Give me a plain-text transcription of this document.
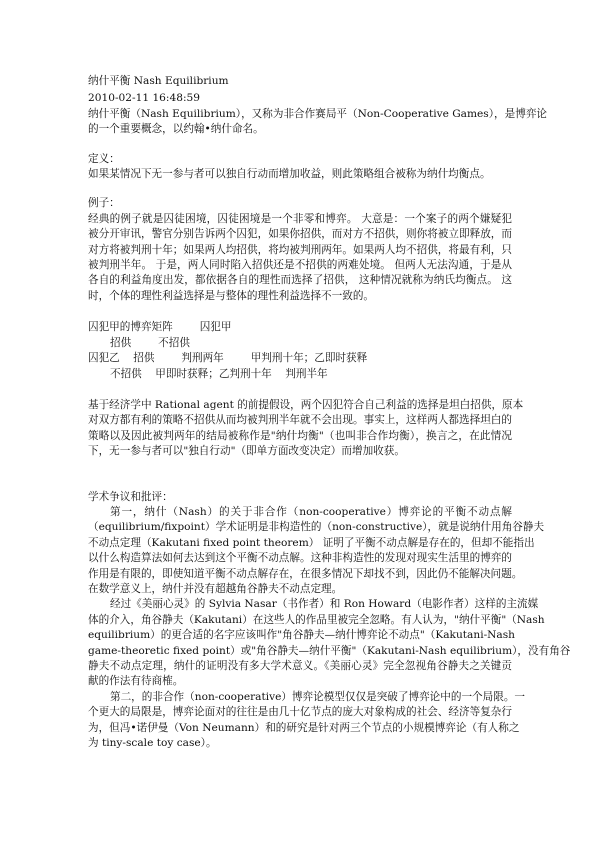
纳什平衡 Nash Equilibrium
2010-02-11 16:48:59
纳什平衡（Nash Equilibrium），又称为非合作赛局平（Non-Cooperative Games），是博弈论
的一个重要概念，以约翰•纳什命名。
定义：
如果某情况下无一参与者可以独自行动而增加收益，则此策略组合被称为纳什均衡点。
例子：
经典的例子就是囚徒困境，囚徒困境是一个非零和博弈。 大意是：一个案子的两个嫌疑犯
被分开审讯，警官分别告诉两个囚犯，如果你招供，而对方不招供，则你将被立即释放，而
对方将被判刑十年；如果两人均招供，将均被判刑两年。如果两人均不招供，将最有利，只
被判刑半年。 于是，两人同时陷入招供还是不招供的两难处境。 但两人无法沟通，于是从
各自的利益角度出发，都依据各自的理性而选择了招供， 这种情况就称为纳氏均衡点。 这
时，个体的理性利益选择是与整体的理性利益选择不一致的。
囚犯甲的博弈矩阵        囚犯甲
招供        不招供
囚犯乙    招供        判刑两年        甲判刑十年；乙即时获释
不招供    甲即时获释；乙判刑十年    判刑半年
基于经济学中 Rational agent 的前提假设，两个囚犯符合自己利益的选择是坦白招供，原本
对双方都有利的策略不招供从而均被判刑半年就不会出现。事实上，这样两人都选择坦白的
策略以及因此被判两年的结局被称作是"纳什均衡"（也叫非合作均衡），换言之，在此情况
下，无一参与者可以"独自行动"（即单方面改变决定）而增加收获。
学术争议和批评：
第一，纳什（Nash）的关于非合作（non-cooperative）博弈论的平衡不动点解
（equilibrium/fixpoint）学术证明是非构造性的（non-constructive），就是说纳什用角谷静夫
不动点定理（Kakutani fixed point theorem） 证明了平衡不动点解是存在的，但却不能指出
以什么构造算法如何去达到这个平衡不动点解。这种非构造性的发现对现实生活里的博弈的
作用是有限的，即使知道平衡不动点解存在，在很多情况下却找不到，因此仍不能解决问题。
在数学意义上，纳什并没有超越角谷静夫不动点定理。
经过《美丽心灵》的 Sylvia Nasar（书作者）和 Ron Howard（电影作者）这样的主流媒
体的介入，角谷静夫（Kakutani）在这些人的作品里被完全忽略。有人认为，"纳什平衡"（Nash
equilibrium）的更合适的名字应该叫作"角谷静夫—纳什博弈论不动点"（Kakutani-Nash
game-theoretic fixed point）或"角谷静夫—纳什平衡"（Kakutani-Nash equilibrium），没有角谷
静夫不动点定理，纳什的证明没有多大学术意义。《美丽心灵》完全忽视角谷静夫之关键贡
献的作法有待商榷。
第二，的非合作（non-cooperative）博弈论模型仅仅是突破了博弈论中的一个局限。一
个更大的局限是，博弈论面对的往往是由几十亿节点的庞大对象构成的社会、经济等复杂行
为，但冯•诺伊曼（Von Neumann）和的研究是针对两三个节点的小规模博弈论（有人称之
为 tiny-scale toy case）。
